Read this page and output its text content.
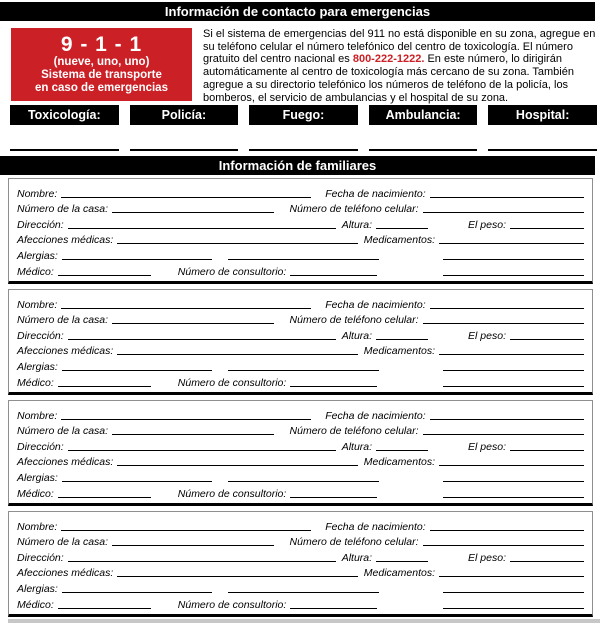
Información de contacto para emergencias
9 - 1 - 1
(nueve, uno, uno)
Sistema de transporte
en caso de emergencias
Si el sistema de emergencias del 911 no está disponible en su zona, agregue en su teléfono celular el número telefónico del centro de toxicología. El número gratuito del centro nacional es 800-222-1222. En este número, lo dirigirán automáticamente al centro de toxicología más cercano de su zona. También agregue a su directorio telefónico los números de teléfono de la policía, los bomberos, el servicio de ambulancias y el hospital de su zona.
Toxicología:	Policía:	Fuego:	Ambulancia:	Hospital:
Información de familiares
Nombre:	Fecha de nacimiento:
Número de la casa:	Número de teléfono celular:
Dirección:	Altura:	El peso:
Afecciones médicas:	Medicamentos:
Alergias:
Médico:	Número de consultorio:
Nombre:	Fecha de nacimiento:
Número de la casa:	Número de teléfono celular:
Dirección:	Altura:	El peso:
Afecciones médicas:	Medicamentos:
Alergias:
Médico:	Número de consultorio:
Nombre:	Fecha de nacimiento:
Número de la casa:	Número de teléfono celular:
Dirección:	Altura:	El peso:
Afecciones médicas:	Medicamentos:
Alergias:
Médico:	Número de consultorio:
Nombre:	Fecha de nacimiento:
Número de la casa:	Número de teléfono celular:
Dirección:	Altura:	El peso:
Afecciones médicas:	Medicamentos:
Alergias:
Médico:	Número de consultorio:
